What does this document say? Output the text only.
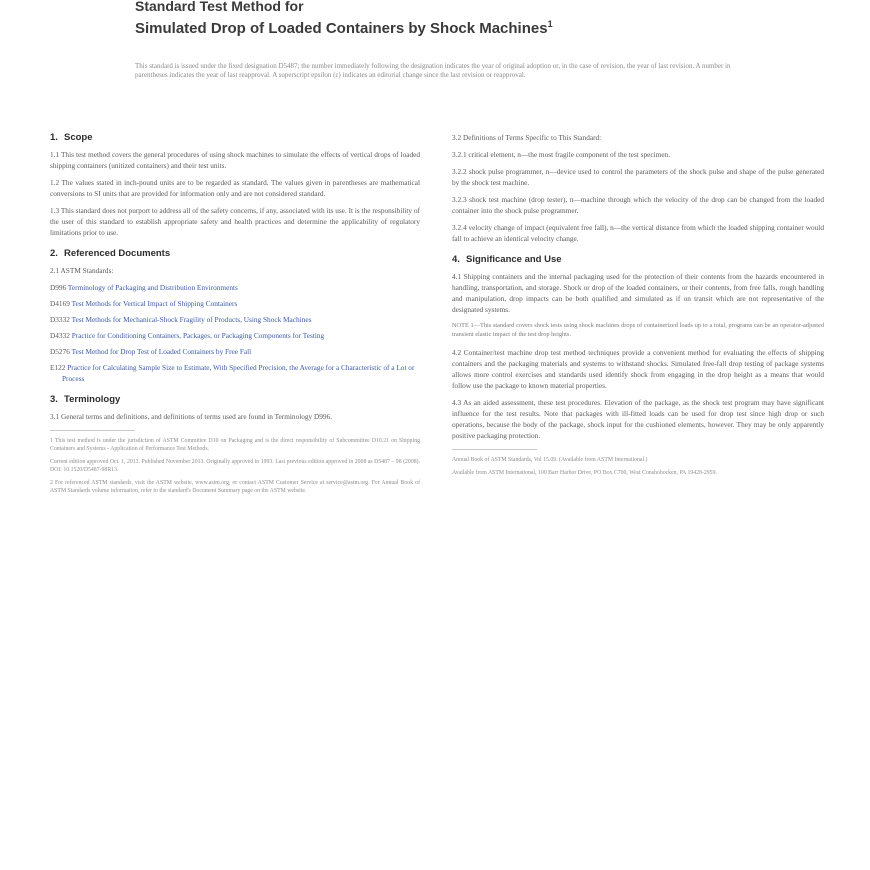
Standard Test Method for
Simulated Drop of Loaded Containers by Shock Machines$^1$
This standard is issued under the fixed designation D5487; the number immediately following the designation indicates the year of original adoption or, in the case of revision, the year of last revision. A number in parentheses indicates the year of last reapproval. A superscript epsilon (ε) indicates an editorial change since the last revision or reapproval.
1. Scope

1.1 This test method covers the general procedures of using shock machines to simulate the effects of vertical drops of loaded shipping containers (unitized containers) and their test units.

1.2 The values stated in inch-pound units are to be regarded as standard. The values given in parentheses are mathematical conversions to SI units that are provided for information only and are not considered standard.

1.3 This standard does not purport to address all of the safety concerns, if any, associated with its use. It is the responsibility of the user of this standard to establish appropriate safety and health practices and determine the applicability of regulatory limitations prior to use.

2. Referenced Documents

2.1 ASTM Standards:

D996 Terminology of Packaging and Distribution Environments

D4169 Test Methods for Vertical Impact of Shipping Containers

D3332 Test Methods for Mechanical-Shock Fragility of Products, Using Shock Machines

D4332 Practice for Conditioning Containers, Packages, or Packaging Components for Testing

D5276 Test Method for Drop Test of Loaded Containers by Free Fall

E122 Practice for Calculating Sample Size to Estimate, With Specified Precision, the Average for a Characteristic of a Lot or Process

3. Terminology

3.1 General terms and definitions, and definitions of terms used are found in Terminology D996.

1 This test method is under the jurisdiction of ASTM Committee D10 on Packaging and is the direct responsibility of Subcommittee D10.21 on Shipping Containers and Systems - Application of Performance Test Methods.

Current edition approved Oct. 1, 2013. Published November 2013. Originally approved in 1993. Last previous edition approved in 2008 as D5487 – 98 (2008). DOI: 10.1520/D5487-98R13.

2 For referenced ASTM standards, visit the ASTM website, www.astm.org, or contact ASTM Customer Service at service@astm.org. For Annual Book of ASTM Standards volume information, refer to the standard's Document Summary page on the ASTM website.

3.2 Definitions of Terms Specific to This Standard:

3.2.1 critical element, n—the most fragile component of the test specimen.

3.2.2 shock pulse programmer, n—device used to control the parameters of the shock pulse and shape of the pulse generated by the shock test machine.

3.2.3 shock test machine (drop tester), n—machine through which the velocity of the drop can be changed from the loaded container into the shock pulse programmer.

3.2.4 velocity change of impact (equivalent free fall), n—the vertical distance from which the loaded shipping container would fall to achieve an identical velocity change.

4. Significance and Use

4.1 Shipping containers and the internal packaging used for the protection of their contents from the hazards encountered in handling, transportation, and storage. Shock or drop of the loaded containers, or their contents, from free falls, rough handling and manipulation, drop impacts can be both qualified and simulated as if on transit which are not representative of the designated systems.

NOTE 1—This standard covers shock tests using shock machines drops of containerized loads up to a total, programs can be an operator-adjusted transient elastic impact of the test drop heights.

4.2 Container/test machine drop test method techniques provide a convenient method for evaluating the effects of shipping containers and the packaging materials and systems to withstand shocks. Simulated free-fall drop testing of package systems allows more control exercises and standards used identify shock from engaging in the drop height as a means that would follow use the package to known material properties.

4.3 As an aided assessment, these test procedures. Elevation of the package, as the shock test program may have significant influence for the test results. Note that packages with ill-fitted loads can be used for drop test since high drop or such operations, because the body of the package, shock input for the cushioned elements, however. They may be only apparently positive packaging protection.

Annual Book of ASTM Standards, Vol 15.09. (Available from ASTM International.)

Available from ASTM International, 100 Barr Harbor Drive, PO Box C700, West Conshohocken, PA 19428-2959.
